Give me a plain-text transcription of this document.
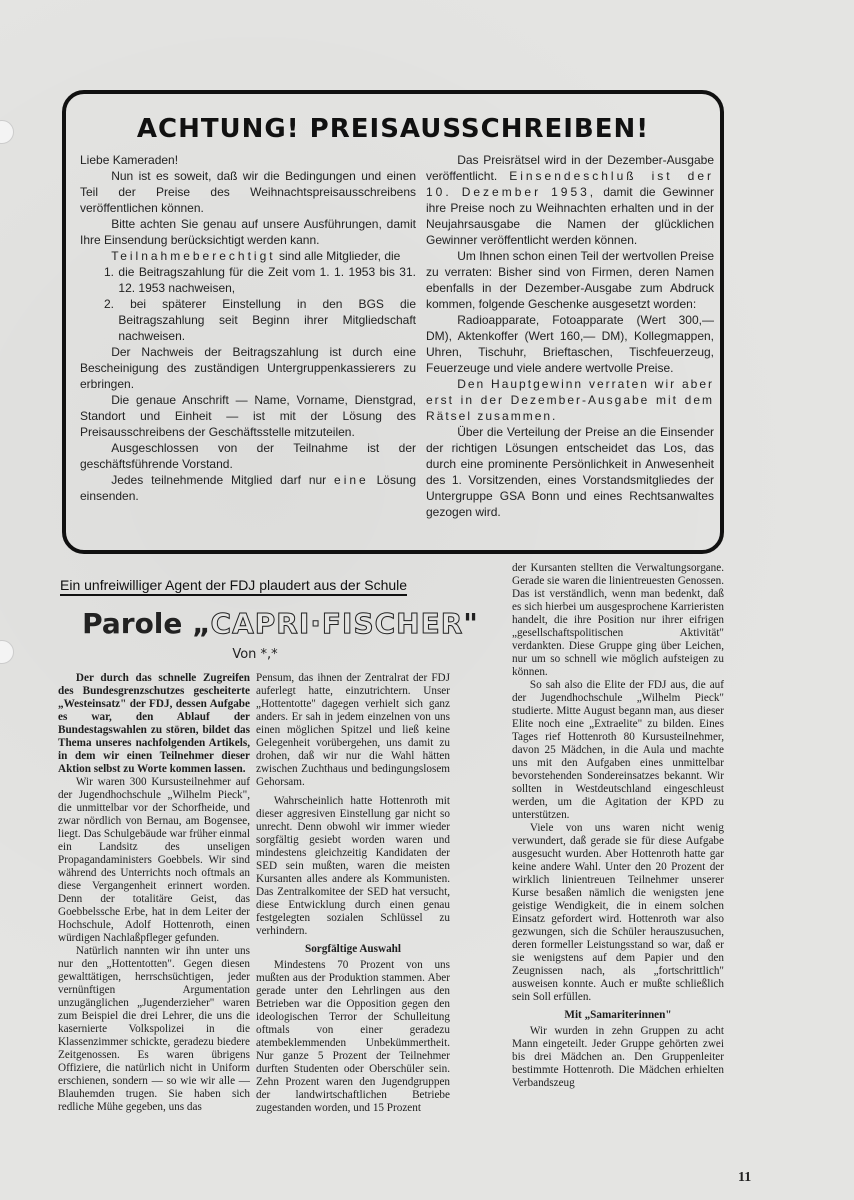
ACHTUNG! PREISAUSSCHREIBEN!

Liebe Kameraden!

Nun ist es soweit, daß wir die Bedingungen und einen Teil der Preise des Weihnachtspreisausschreibens veröffentlichen können.

Bitte achten Sie genau auf unsere Ausführungen, damit Ihre Einsendung berücksichtigt werden kann.

Teilnahmeberechtigt sind alle Mitglieder, die

1. die Beitragszahlung für die Zeit vom 1. 1. 1953 bis 31. 12. 1953 nachweisen,

2. bei späterer Einstellung in den BGS die Beitragszahlung seit Beginn ihrer Mitgliedschaft nachweisen.

Der Nachweis der Beitragszahlung ist durch eine Bescheinigung des zuständigen Untergruppenkassierers zu erbringen.

Die genaue Anschrift — Name, Vorname, Dienstgrad, Standort und Einheit — ist mit der Lösung des Preisausschreibens der Geschäftsstelle mitzuteilen.

Ausgeschlossen von der Teilnahme ist der geschäftsführende Vorstand.

Jedes teilnehmende Mitglied darf nur eine Lösung einsenden.

Das Preisrätsel wird in der Dezember-Ausgabe veröffentlicht. Einsendeschluß ist der 10. Dezember 1953, damit die Gewinner ihre Preise noch zu Weihnachten erhalten und in der Neujahrsausgabe die Namen der glücklichen Gewinner veröffentlicht werden können.

Um Ihnen schon einen Teil der wertvollen Preise zu verraten: Bisher sind von Firmen, deren Namen ebenfalls in der Dezember-Ausgabe zum Abdruck kommen, folgende Geschenke ausgesetzt worden:

Radioapparate, Fotoapparate (Wert 300,— DM), Aktenkoffer (Wert 160,— DM), Kollegmappen, Uhren, Tischuhr, Brieftaschen, Tischfeuerzeug, Feuerzeuge und viele andere wertvolle Preise.

Den Hauptgewinn verraten wir aber erst in der Dezember-Ausgabe mit dem Rätsel zusammen.

Über die Verteilung der Preise an die Einsender der richtigen Lösungen entscheidet das Los, das durch eine prominente Persönlichkeit in Anwesenheit des 1. Vorsitzenden, eines Vorstandsmitgliedes der Untergruppe GSA Bonn und eines Rechtsanwaltes gezogen wird.

Ein unfreiwilliger Agent der FDJ plaudert aus der Schule
Parole „CAPRI·FISCHER"
Von *,*

Der durch das schnelle Zugreifen des Bundesgrenzschutzes gescheiterte „Westeinsatz" der FDJ, dessen Aufgabe es war, den Ablauf der Bundestagswahlen zu stören, bildet das Thema unseres nachfolgenden Artikels, in dem wir einen Teilnehmer dieser Aktion selbst zu Worte kommen lassen.

Wir waren 300 Kursusteilnehmer auf der Jugendhochschule „Wilhelm Pieck", die unmittelbar vor der Schorfheide, und zwar nördlich von Bernau, am Bogensee, liegt. Das Schulgebäude war früher einmal ein Landsitz des unseligen Propagandaministers Goebbels. Wir sind während des Unterrichts noch oftmals an diese Vergangenheit erinnert worden. Denn der totalitäre Geist, das Goebbelssche Erbe, hat in dem Leiter der Hochschule, Adolf Hottenroth, einen würdigen Nachlaßpfleger gefunden.

Natürlich nannten wir ihn unter uns nur den „Hottentotten". Gegen diesen gewalttätigen, herrschsüchtigen, jeder vernünftigen Argumentation unzugänglichen „Jugenderzieher" waren zum Beispiel die drei Lehrer, die uns die kasernierte Volkspolizei in die Klassenzimmer schickte, geradezu biedere Zeitgenossen. Es waren übrigens Offiziere, die natürlich nicht in Uniform erschienen, sondern — so wie wir alle — Blauhemden trugen. Sie haben sich redliche Mühe gegeben, uns das

Pensum, das ihnen der Zentralrat der FDJ auferlegt hatte, einzutrichtern. Unser „Hottentotte" dagegen verhielt sich ganz anders. Er sah in jedem einzelnen von uns einen möglichen Spitzel und ließ keine Gelegenheit vorübergehen, uns damit zu drohen, daß wir nur die Wahl hätten zwischen Zuchthaus und bedingungslosem Gehorsam.

Wahrscheinlich hatte Hottenroth mit dieser aggresiven Einstellung gar nicht so unrecht. Denn obwohl wir immer wieder sorgfältig gesiebt worden waren und mindestens gleichzeitig Kandidaten der SED sein mußten, waren die meisten Kursanten alles andere als Kommunisten. Das Zentralkomitee der SED hat versucht, diese Entwicklung durch einen genau festgelegten sozialen Schlüssel zu verhindern.

Sorgfältige Auswahl

Mindestens 70 Prozent von uns mußten aus der Produktion stammen. Aber gerade unter den Lehrlingen aus den Betrieben war die Opposition gegen den ideologischen Terror der Schulleitung oftmals von einer geradezu atembeklemmenden Unbekümmertheit. Nur ganze 5 Prozent der Teilnehmer durften Studenten oder Oberschüler sein. Zehn Prozent waren den Jugendgruppen der landwirtschaftlichen Betriebe zugestanden worden, und 15 Prozent

der Kursanten stellten die Verwaltungsorgane. Gerade sie waren die linientreuesten Genossen. Das ist verständlich, wenn man bedenkt, daß es sich hierbei um ausgesprochene Karrieristen handelt, die ihre Position nur ihrer eifrigen „gesellschaftspolitischen Aktivität" verdankten. Diese Gruppe ging über Leichen, nur um so schnell wie möglich aufsteigen zu können.

So sah also die Elite der FDJ aus, die auf der Jugendhochschule „Wilhelm Pieck" studierte. Mitte August begann man, aus dieser Elite noch eine „Extraelite" zu bilden. Eines Tages rief Hottenroth 80 Kursusteilnehmer, davon 25 Mädchen, in die Aula und machte uns mit den Aufgaben eines unmittelbar bevorstehenden Sondereinsatzes bekannt. Wir sollten in Westdeutschland eingeschleust werden, um die Agitation der KPD zu unterstützen.

Viele von uns waren nicht wenig verwundert, daß gerade sie für diese Aufgabe ausgesucht wurden. Aber Hottenroth hatte gar keine andere Wahl. Unter den 20 Prozent der wirklich linientreuen Teilnehmer unserer Kurse besaßen nämlich die wenigsten jene geistige Wendigkeit, die in einem solchen Einsatz gefordert wird. Hottenroth war also gezwungen, sich die Schüler herauszusuchen, deren formeller Leistungsstand so war, daß er sie wenigstens auf dem Papier und den Zeugnissen nach, als „fortschrittlich" ausweisen konnte. Auch er mußte schließlich sein Soll erfüllen.

Mit „Samariterinnen"

Wir wurden in zehn Gruppen zu acht Mann eingeteilt. Jeder Gruppe gehörten zwei bis drei Mädchen an. Den Gruppenleiter bestimmte Hottenroth. Die Mädchen erhielten Verbandszeug

11
